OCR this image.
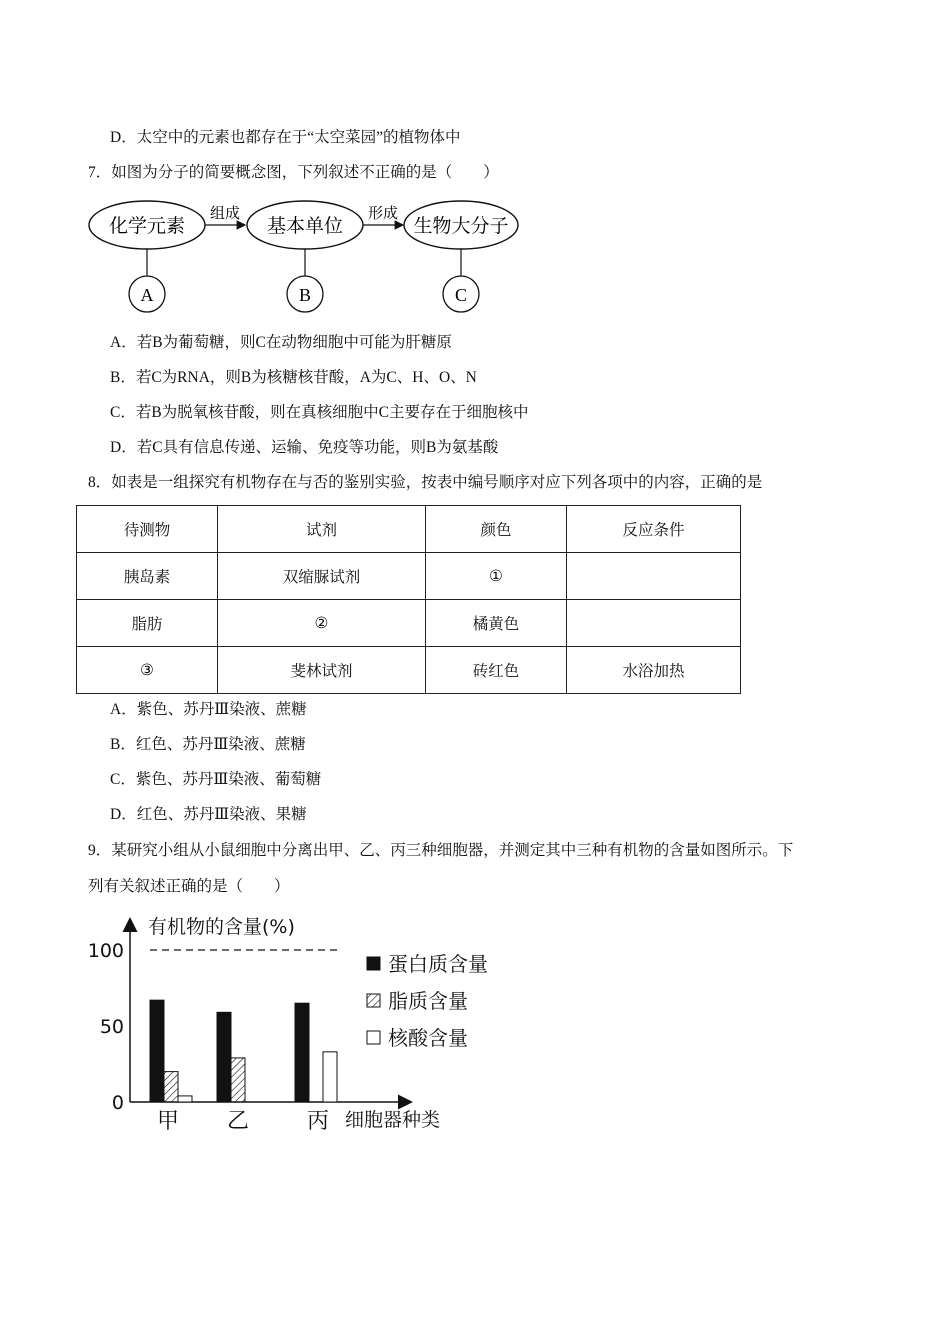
D．太空中的元素也都存在于“太空菜园”的植物体中
7．如图为分子的简要概念图，下列叙述不正确的是（　　）
化学元素
组成
基本单位
形成
生物大分子
A	B	C
A．若B为葡萄糖，则C在动物细胞中可能为肝糖原
B．若C为RNA，则B为核糖核苷酸，A为C、H、O、N
C．若B为脱氧核苷酸，则在真核细胞中C主要存在于细胞核中
D．若C具有信息传递、运输、免疫等功能，则B为氨基酸
8．如表是一组探究有机物存在与否的鉴别实验，按表中编号顺序对应下列各项中的内容，正确的是
待测物	试剂	颜色	反应条件
胰岛素	双缩脲试剂	①	
脂肪	②	橘黄色	
③	斐林试剂	砖红色	水浴加热
A．紫色、苏丹Ⅲ染液、蔗糖
B．红色、苏丹Ⅲ染液、蔗糖
C．紫色、苏丹Ⅲ染液、葡萄糖
D．红色、苏丹Ⅲ染液、果糖
9．某研究小组从小鼠细胞中分离出甲、乙、丙三种细胞器，并测定其中三种有机物的含量如图所示。下
列有关叙述正确的是（　　）
有机物的含量(%)
细胞器种类
0
50
100
甲 乙	丙
蛋白质含量
脂质含量
核酸含量
